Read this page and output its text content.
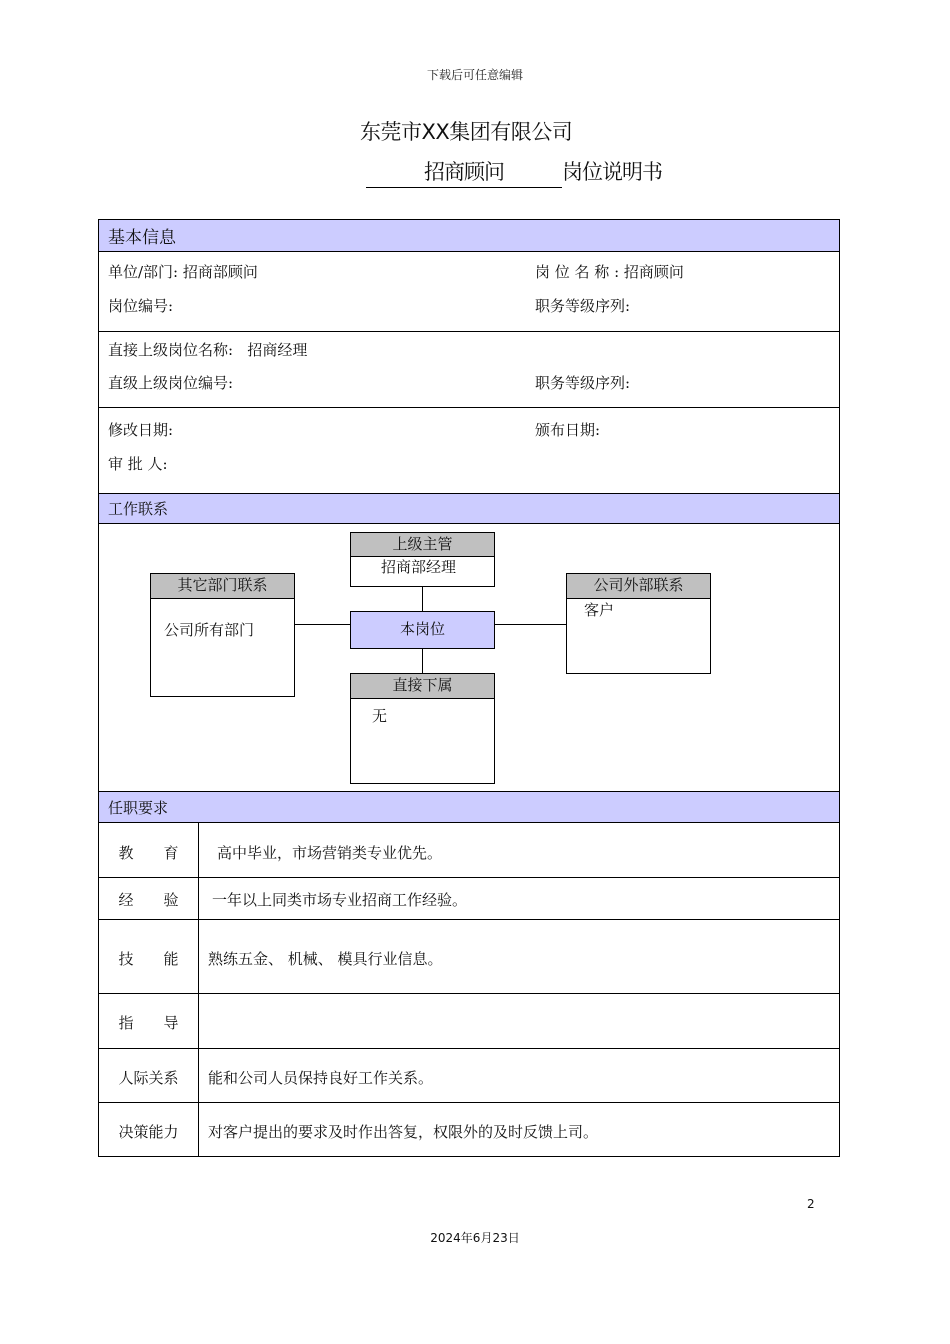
下载后可任意编辑
东莞市XX集团有限公司
招商顾问	岗位说明书
基本信息
单位/部门: 招商部顾问	岗 位 名 称 : 招商顾问
岗位编号:	职务等级序列:
直接上级岗位名称: 招商经理
直级上级岗位编号:	职务等级序列:
修改日期:	颁布日期:
审 批 人:
工作联系
上级主管
招商部经理
其它部门联系
公司所有部门	本岗位
公司外部联系
客户
直接下属
无
任职要求
教　　育	高中毕业，市场营销类专业优先。
经　　验	一年以上同类市场专业招商工作经验。
技　　能	熟练五金、 机械、 模具行业信息。
指　　导
人际关系	能和公司人员保持良好工作关系。
决策能力	对客户提出的要求及时作出答复，权限外的及时反馈上司。
2
2024年6月23日
